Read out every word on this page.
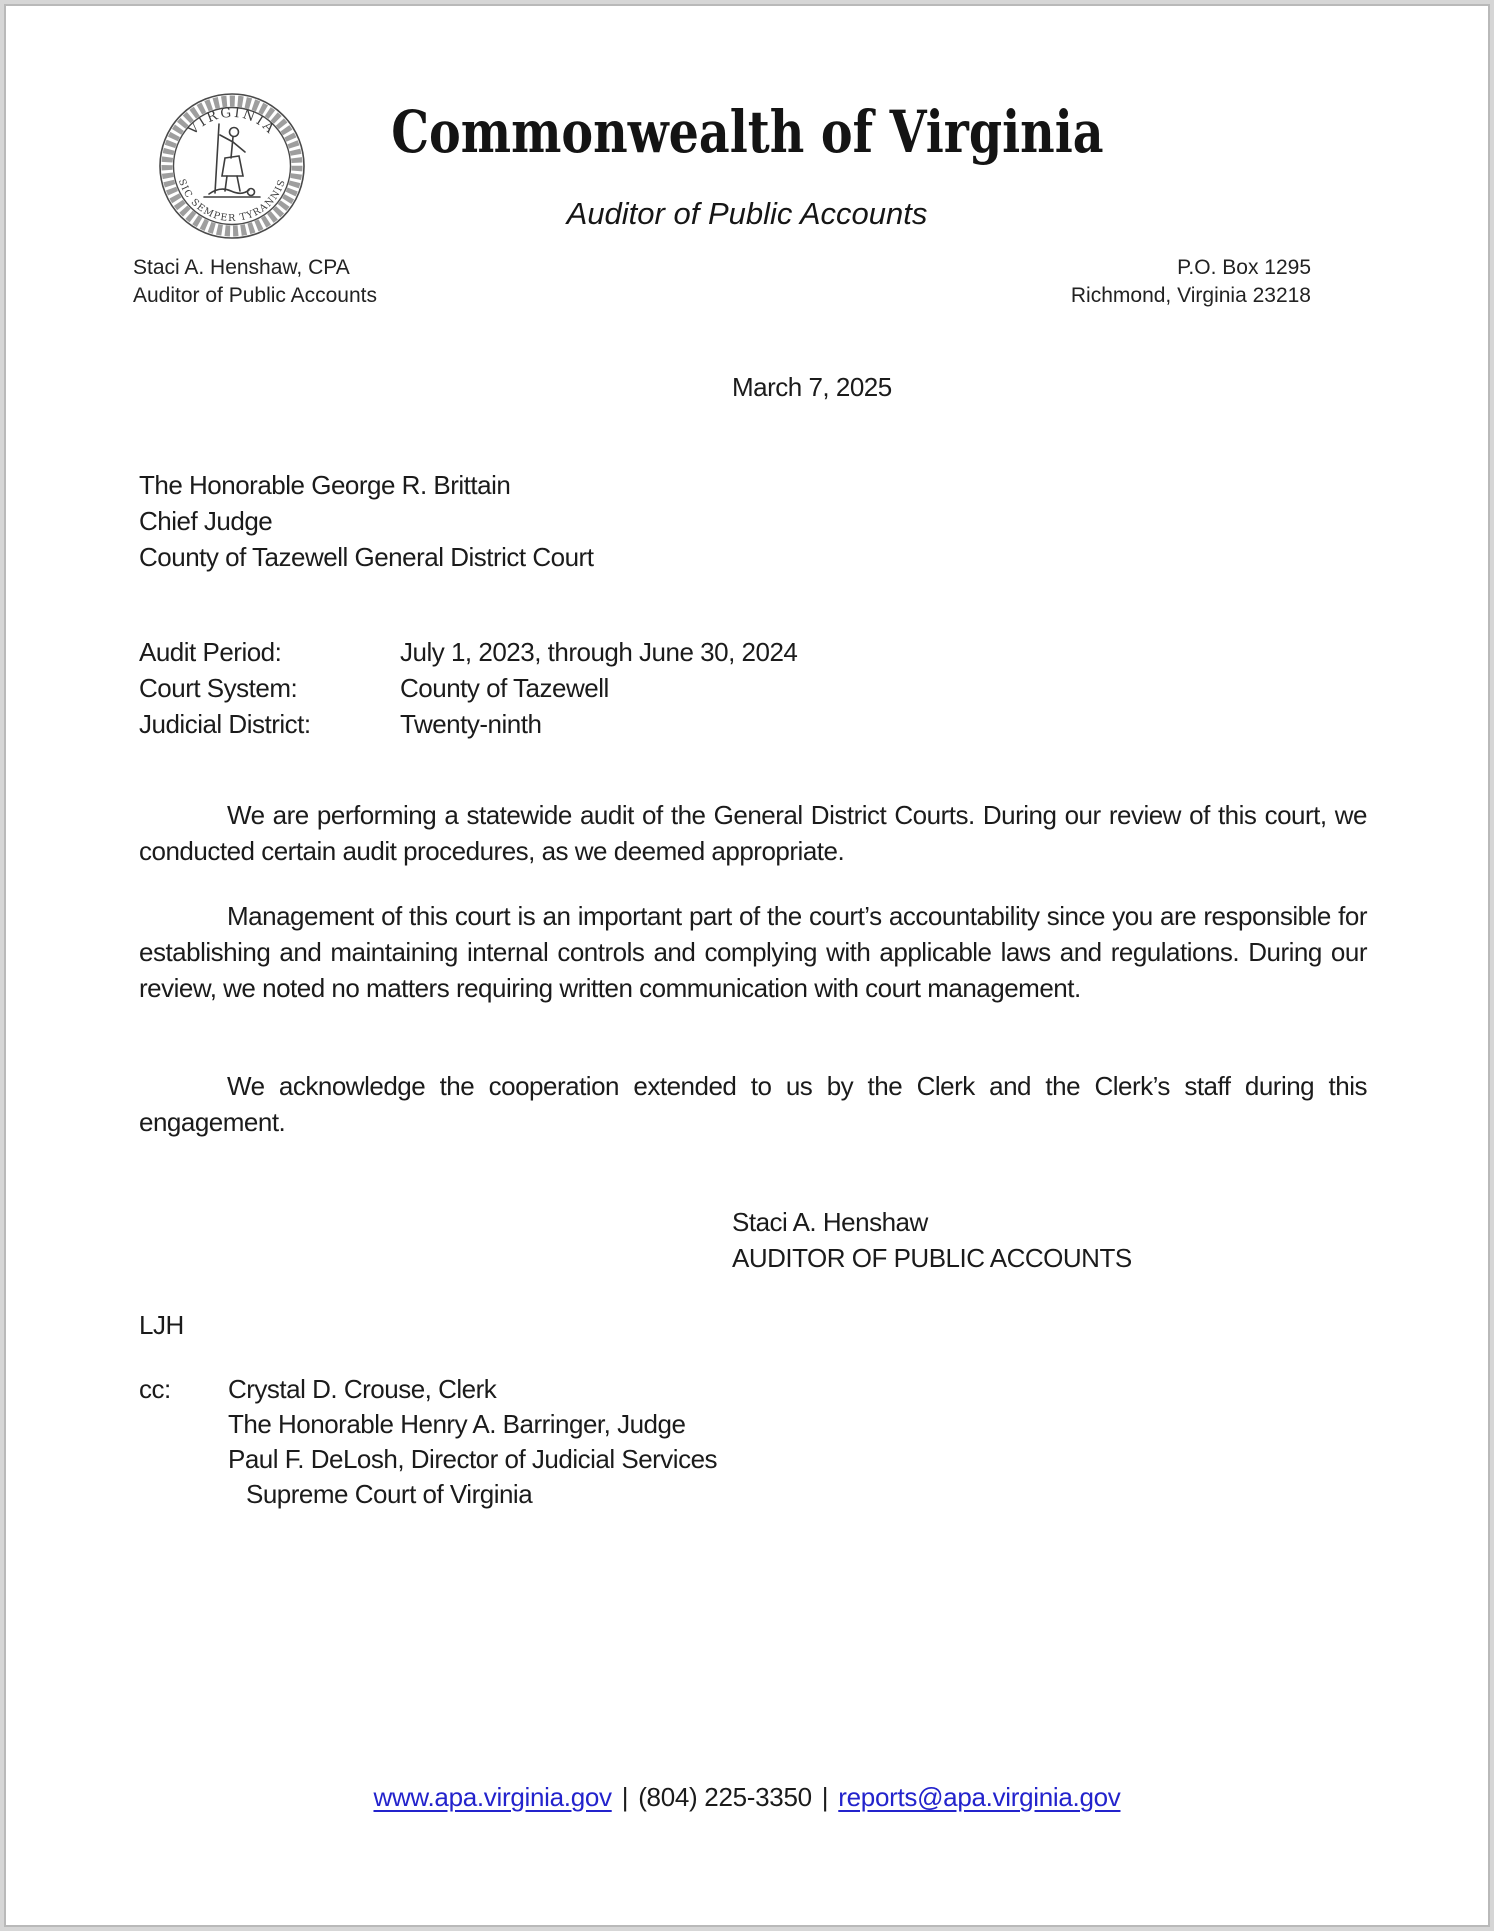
VIRGINIA
SIC SEMPER TYRANNIS
Commonwealth of Virginia
Auditor of Public Accounts
Staci A. Henshaw, CPA
Auditor of Public Accounts
P.O. Box 1295
Richmond, Virginia 23218
March 7, 2025
The Honorable George R. Brittain
Chief Judge
County of Tazewell General District Court
Audit Period:	July 1, 2023, through June 30, 2024
Court System:	County of Tazewell
Judicial District:	Twenty-ninth
We are performing a statewide audit of the General District Courts. During our review of this court, we conducted certain audit procedures, as we deemed appropriate.
Management of this court is an important part of the court’s accountability since you are responsible for establishing and maintaining internal controls and complying with applicable laws and regulations. During our review, we noted no matters requiring written communication with court management.
We acknowledge the cooperation extended to us by the Clerk and the Clerk’s staff during this engagement.
Staci A. Henshaw
AUDITOR OF PUBLIC ACCOUNTS
LJH
cc:	Crystal D. Crouse, Clerk
The Honorable Henry A. Barringer, Judge
Paul F. DeLosh, Director of Judicial Services
Supreme Court of Virginia
www.apa.virginia.gov | (804) 225-3350 | reports@apa.virginia.gov
